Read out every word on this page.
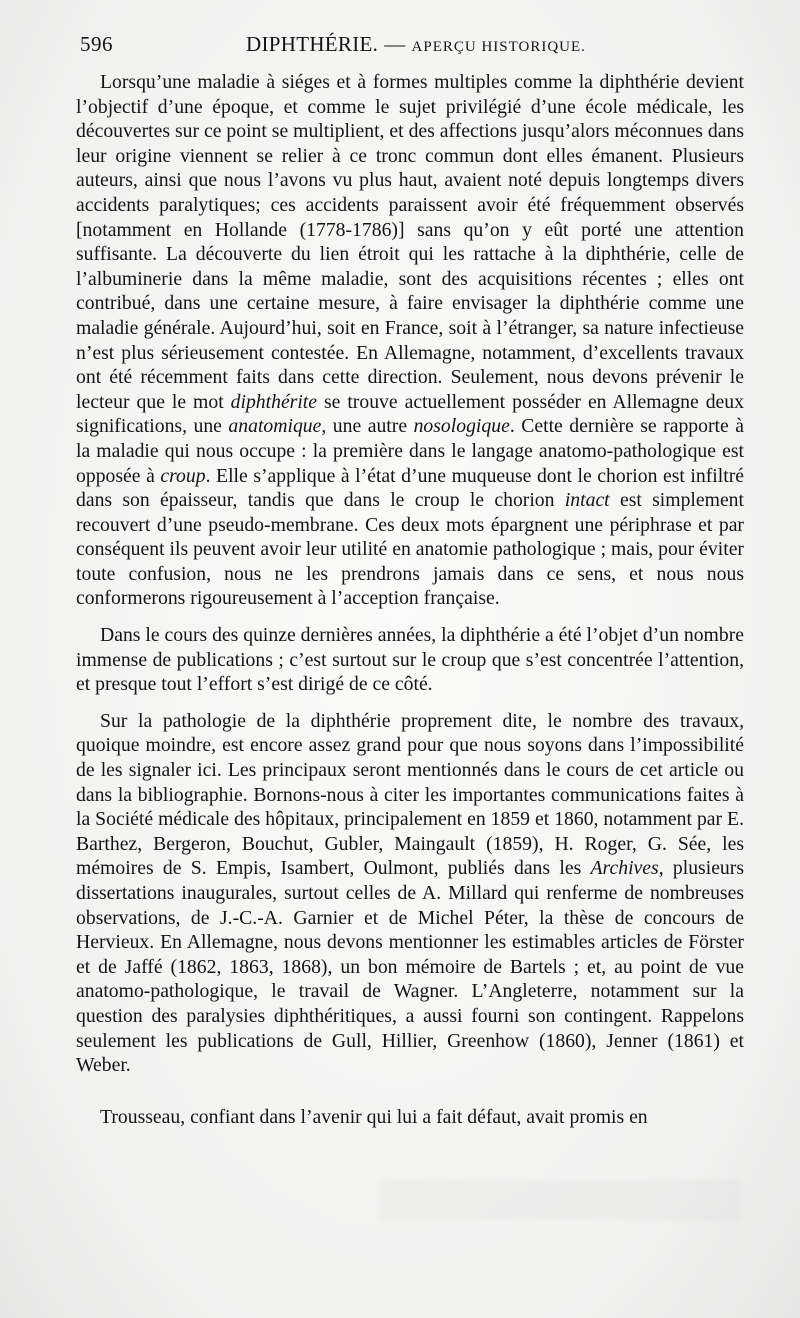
596	DIPHTHÉRIE. — APERÇU HISTORIQUE.

Lorsqu’une maladie à siéges et à formes multiples comme la diphthérie devient l’objectif d’une époque, et comme le sujet privilégié d’une école médicale, les découvertes sur ce point se multiplient, et des affections jusqu’alors méconnues dans leur origine viennent se relier à ce tronc commun dont elles émanent. Plusieurs auteurs, ainsi que nous l’avons vu plus haut, avaient noté depuis longtemps divers accidents paralytiques; ces accidents paraissent avoir été fréquemment observés [notamment en Hollande (1778-1786)] sans qu’on y eût porté une attention suffisante. La découverte du lien étroit qui les rattache à la diphthérie, celle de l’albuminerie dans la même maladie, sont des acquisitions récentes ; elles ont contribué, dans une certaine mesure, à faire envisager la diphthérie comme une maladie générale. Aujourd’hui, soit en France, soit à l’étranger, sa nature infectieuse n’est plus sérieusement contestée. En Allemagne, notamment, d’excellents travaux ont été récemment faits dans cette direction. Seulement, nous devons prévenir le lecteur que le mot diphthérite se trouve actuellement posséder en Allemagne deux significations, une anatomique, une autre nosologique. Cette dernière se rapporte à la maladie qui nous occupe : la première dans le langage anatomo-pathologique est opposée à croup. Elle s’applique à l’état d’une muqueuse dont le chorion est infiltré dans son épaisseur, tandis que dans le croup le chorion intact est simplement recouvert d’une pseudo-membrane. Ces deux mots épargnent une périphrase et par conséquent ils peuvent avoir leur utilité en anatomie pathologique ; mais, pour éviter toute confusion, nous ne les prendrons jamais dans ce sens, et nous nous conformerons rigoureusement à l’acception française.

Dans le cours des quinze dernières années, la diphthérie a été l’objet d’un nombre immense de publications ; c’est surtout sur le croup que s’est concentrée l’attention, et presque tout l’effort s’est dirigé de ce côté.

Sur la pathologie de la diphthérie proprement dite, le nombre des travaux, quoique moindre, est encore assez grand pour que nous soyons dans l’impossibilité de les signaler ici. Les principaux seront mentionnés dans le cours de cet article ou dans la bibliographie. Bornons-nous à citer les importantes communications faites à la Société médicale des hôpitaux, principalement en 1859 et 1860, notamment par E. Barthez, Bergeron, Bouchut, Gubler, Maingault (1859), H. Roger, G. Sée, les mémoires de S. Empis, Isambert, Oulmont, publiés dans les Archives, plusieurs dissertations inaugurales, surtout celles de A. Millard qui renferme de nombreuses observations, de J.-C.-A. Garnier et de Michel Péter, la thèse de concours de Hervieux. En Allemagne, nous devons mentionner les estimables articles de Förster et de Jaffé (1862, 1863, 1868), un bon mémoire de Bartels ; et, au point de vue anatomo-pathologique, le travail de Wagner. L’Angleterre, notamment sur la question des paralysies diphthéritiques, a aussi fourni son contingent. Rappelons seulement les publications de Gull, Hillier, Greenhow (1860), Jenner (1861) et Weber.

Trousseau, confiant dans l’avenir qui lui a fait défaut, avait promis en
